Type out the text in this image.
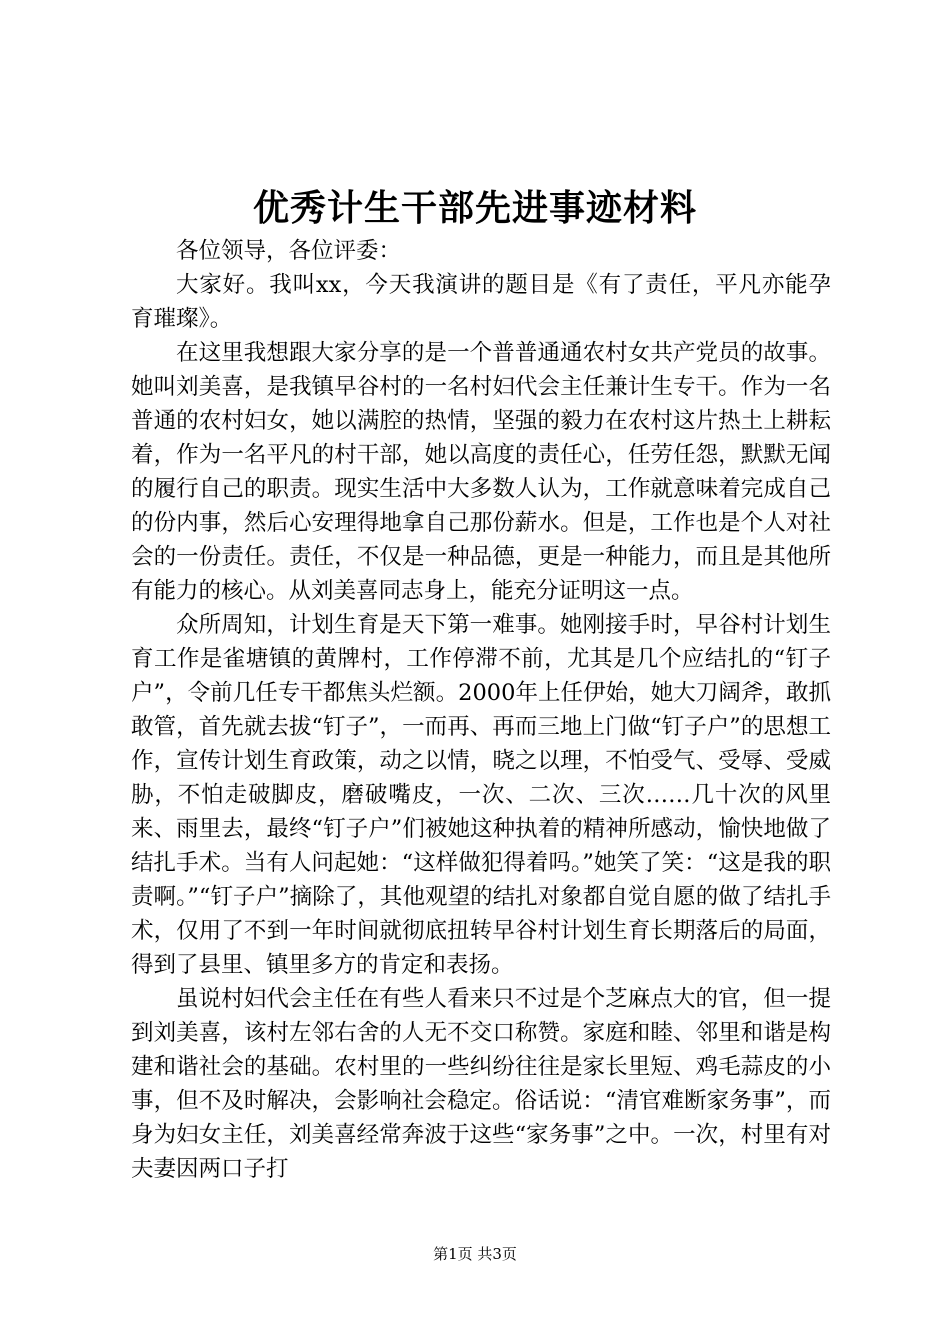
优秀计生干部先进事迹材料

各位领导，各位评委：

大家好。我叫xx，今天我演讲的题目是《有了责任，平凡亦能孕育璀璨》。

在这里我想跟大家分享的是一个普普通通农村女共产党员的故事。她叫刘美喜，是我镇早谷村的一名村妇代会主任兼计生专干。作为一名普通的农村妇女，她以满腔的热情，坚强的毅力在农村这片热土上耕耘着，作为一名平凡的村干部，她以高度的责任心，任劳任怨，默默无闻的履行自己的职责。现实生活中大多数人认为，工作就意味着完成自己的份内事，然后心安理得地拿自己那份薪水。但是，工作也是个人对社会的一份责任。责任，不仅是一种品德，更是一种能力，而且是其他所有能力的核心。从刘美喜同志身上，能充分证明这一点。

众所周知，计划生育是天下第一难事。她刚接手时，早谷村计划生育工作是雀塘镇的黄牌村，工作停滞不前，尤其是几个应结扎的“钉子户”，令前几任专干都焦头烂额。2000年上任伊始，她大刀阔斧，敢抓敢管，首先就去拔“钉子”，一而再、再而三地上门做“钉子户”的思想工作，宣传计划生育政策，动之以情，晓之以理，不怕受气、受辱、受威胁，不怕走破脚皮，磨破嘴皮，一次、二次、三次……几十次的风里来、雨里去，最终“钉子户”们被她这种执着的精神所感动，愉快地做了结扎手术。当有人问起她：“这样做犯得着吗。”她笑了笑：“这是我的职责啊。”“钉子户”摘除了，其他观望的结扎对象都自觉自愿的做了结扎手术，仅用了不到一年时间就彻底扭转早谷村计划生育长期落后的局面，得到了县里、镇里多方的肯定和表扬。

虽说村妇代会主任在有些人看来只不过是个芝麻点大的官，但一提到刘美喜，该村左邻右舍的人无不交口称赞。家庭和睦、邻里和谐是构建和谐社会的基础。农村里的一些纠纷往往是家长里短、鸡毛蒜皮的小事，但不及时解决，会影响社会稳定。俗话说：“清官难断家务事”，而身为妇女主任，刘美喜经常奔波于这些“家务事”之中。一次，村里有对夫妻因两口子打

第1页 共3页
